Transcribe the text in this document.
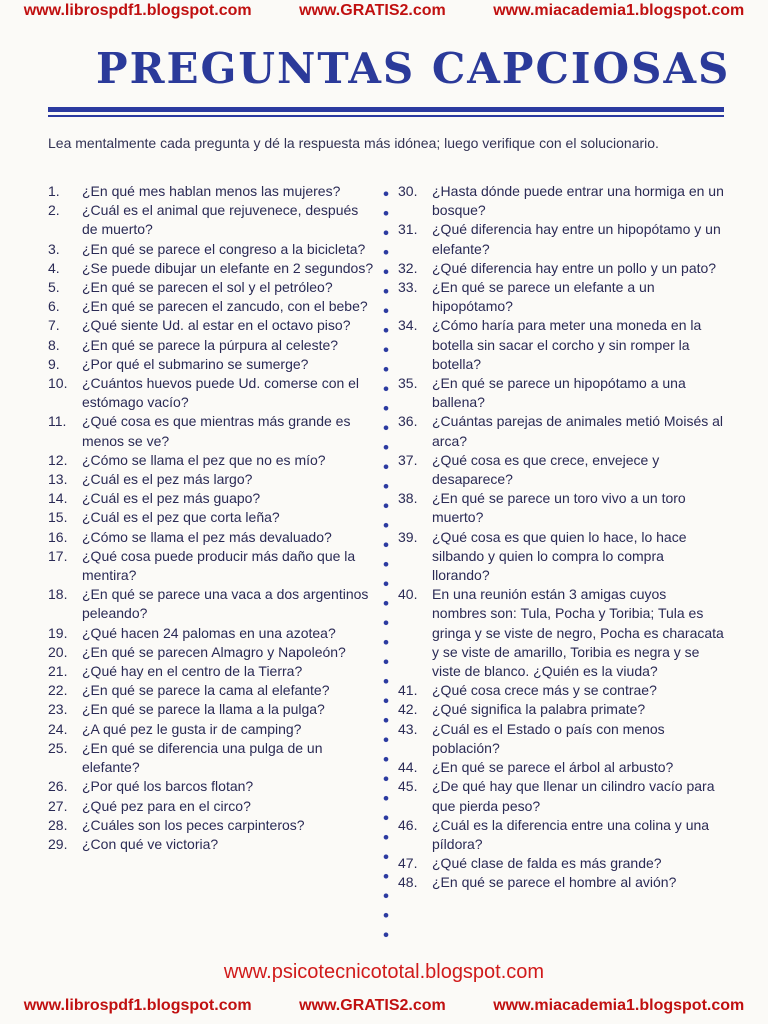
www.librospdf1.blogspot.com	www.GRATIS2.com	www.miacademia1.blogspot.com
PREGUNTAS CAPCIOSAS
Lea mentalmente cada pregunta y dé la respuesta más idónea; luego verifique con el solucionario.
1.	¿En qué mes hablan menos las mujeres?
2.	¿Cuál es el animal que rejuvenece, después de muerto?
3.	¿En qué se parece el congreso a la bicicleta?
4.	¿Se puede dibujar un elefante en 2 segundos?
5.	¿En qué se parecen el sol y el petróleo?
6.	¿En qué se parecen el zancudo, con el bebe?
7.	¿Qué siente Ud. al estar en el octavo piso?
8.	¿En qué se parece la púrpura al celeste?
9.	¿Por qué el submarino se sumerge?
10.	¿Cuántos huevos puede Ud. comerse con el estómago vacío?
11.	¿Qué cosa es que mientras más grande es menos se ve?
12.	¿Cómo se llama el pez que no es mío?
13.	¿Cuál es el pez más largo?
14.	¿Cuál es el pez más guapo?
15.	¿Cuál es el pez que corta leña?
16.	¿Cómo se llama el pez más devaluado?
17.	¿Qué cosa puede producir más daño que la mentira?
18.	¿En qué se parece una vaca a dos argentinos peleando?
19.	¿Qué hacen 24 palomas en una azotea?
20.	¿En qué se parecen Almagro y Napoleón?
21.	¿Qué hay en el centro de la Tierra?
22.	¿En qué se parece la cama al elefante?
23.	¿En qué se parece la llama a la pulga?
24.	¿A qué pez le gusta ir de camping?
25.	¿En qué se diferencia una pulga de un elefante?
26.	¿Por qué los barcos flotan?
27.	¿Qué pez para en el circo?
28.	¿Cuáles son los peces carpinteros?
29.	¿Con qué ve victoria?
30.	¿Hasta dónde puede entrar una hormiga en un bosque?
31.	¿Qué diferencia hay entre un hipopótamo y un elefante?
32.	¿Qué diferencia hay entre un pollo y un pato?
33.	¿En qué se parece un elefante a un hipopótamo?
34.	¿Cómo haría para meter una moneda en la botella sin sacar el corcho y sin romper la botella?
35.	¿En qué se parece un hipopótamo a una ballena?
36.	¿Cuántas parejas de animales metió Moisés al arca?
37.	¿Qué cosa es que crece, envejece y desaparece?
38.	¿En qué se parece un toro vivo a un toro muerto?
39.	¿Qué cosa es que quien lo hace, lo hace silbando y quien lo compra lo compra llorando?
40.	En una reunión están 3 amigas cuyos nombres son: Tula, Pocha y Toribia; Tula es gringa y se viste de negro, Pocha es characata y se viste de amarillo, Toribia es negra y se viste de blanco. ¿Quién es la viuda?
41.	¿Qué cosa crece más y se contrae?
42.	¿Qué significa la palabra primate?
43.	¿Cuál es el Estado o país con menos población?
44.	¿En qué se parece el árbol al arbusto?
45.	¿De qué hay que llenar un cilindro vacío para que pierda peso?
46.	¿Cuál es la diferencia entre una colina y una píldora?
47.	¿Qué clase de falda es más grande?
48.	¿En qué se parece el hombre al avión?
www.psicotecnicototal.blogspot.com
www.librospdf1.blogspot.com	www.GRATIS2.com	www.miacademia1.blogspot.com
